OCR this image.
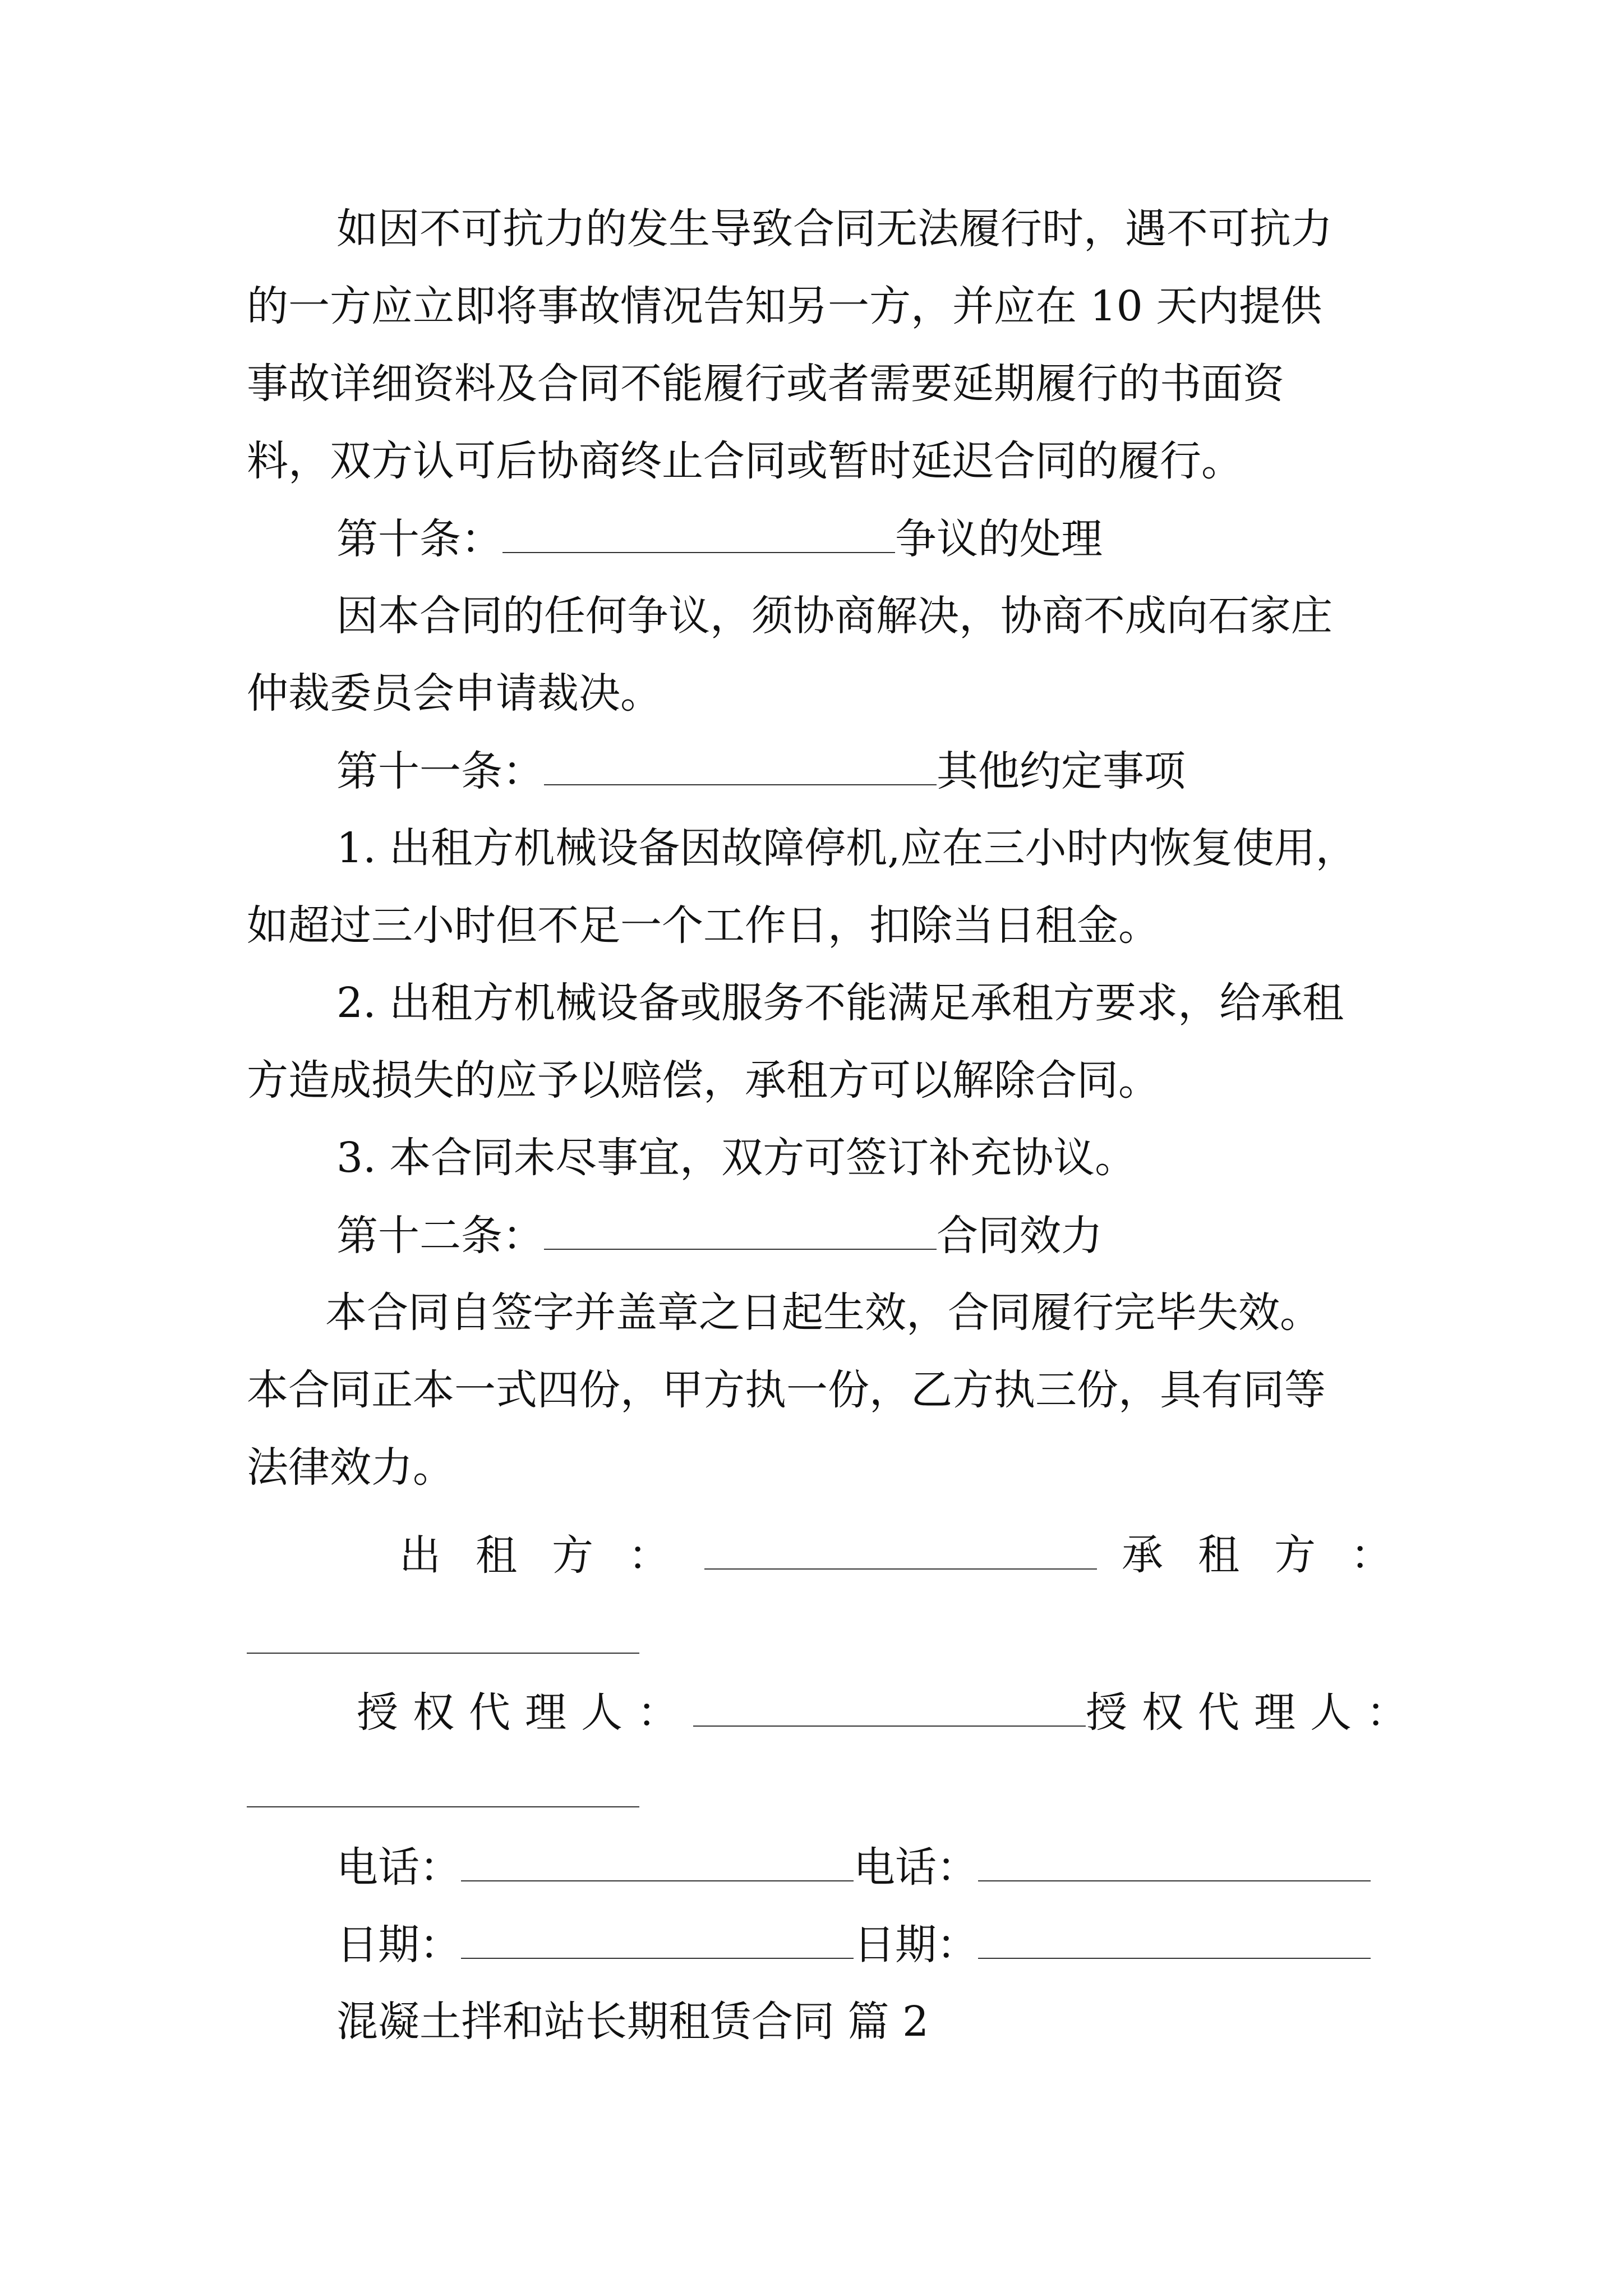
如因不可抗力的发生导致合同无法履行时，遇不可抗力
的一方应立即将事故情况告知另一方，并应在 10 天内提供
事故详细资料及合同不能履行或者需要延期履行的书面资
料，双方认可后协商终止合同或暂时延迟合同的履行。
第十条：	争议的处理
因本合同的任何争议，须协商解决，协商不成向石家庄
仲裁委员会申请裁决。
第十一条：	其他约定事项
1. 出租方机械设备因故障停机,应在三小时内恢复使用，
如超过三小时但不足一个工作日，扣除当日租金。
2. 出租方机械设备或服务不能满足承租方要求，给承租
方造成损失的应予以赔偿，承租方可以解除合同。
3. 本合同未尽事宜，双方可签订补充协议。
第十二条：	合同效力
本合同自签字并盖章之日起生效，合同履行完毕失效。
本合同正本一式四份，甲方执一份，乙方执三份，具有同等
法律效力。
出租方：	承租方：
授权代理人：	授权代理人：
电话：	电话：
日期：	日期：
混凝土拌和站长期租赁合同 篇 2
